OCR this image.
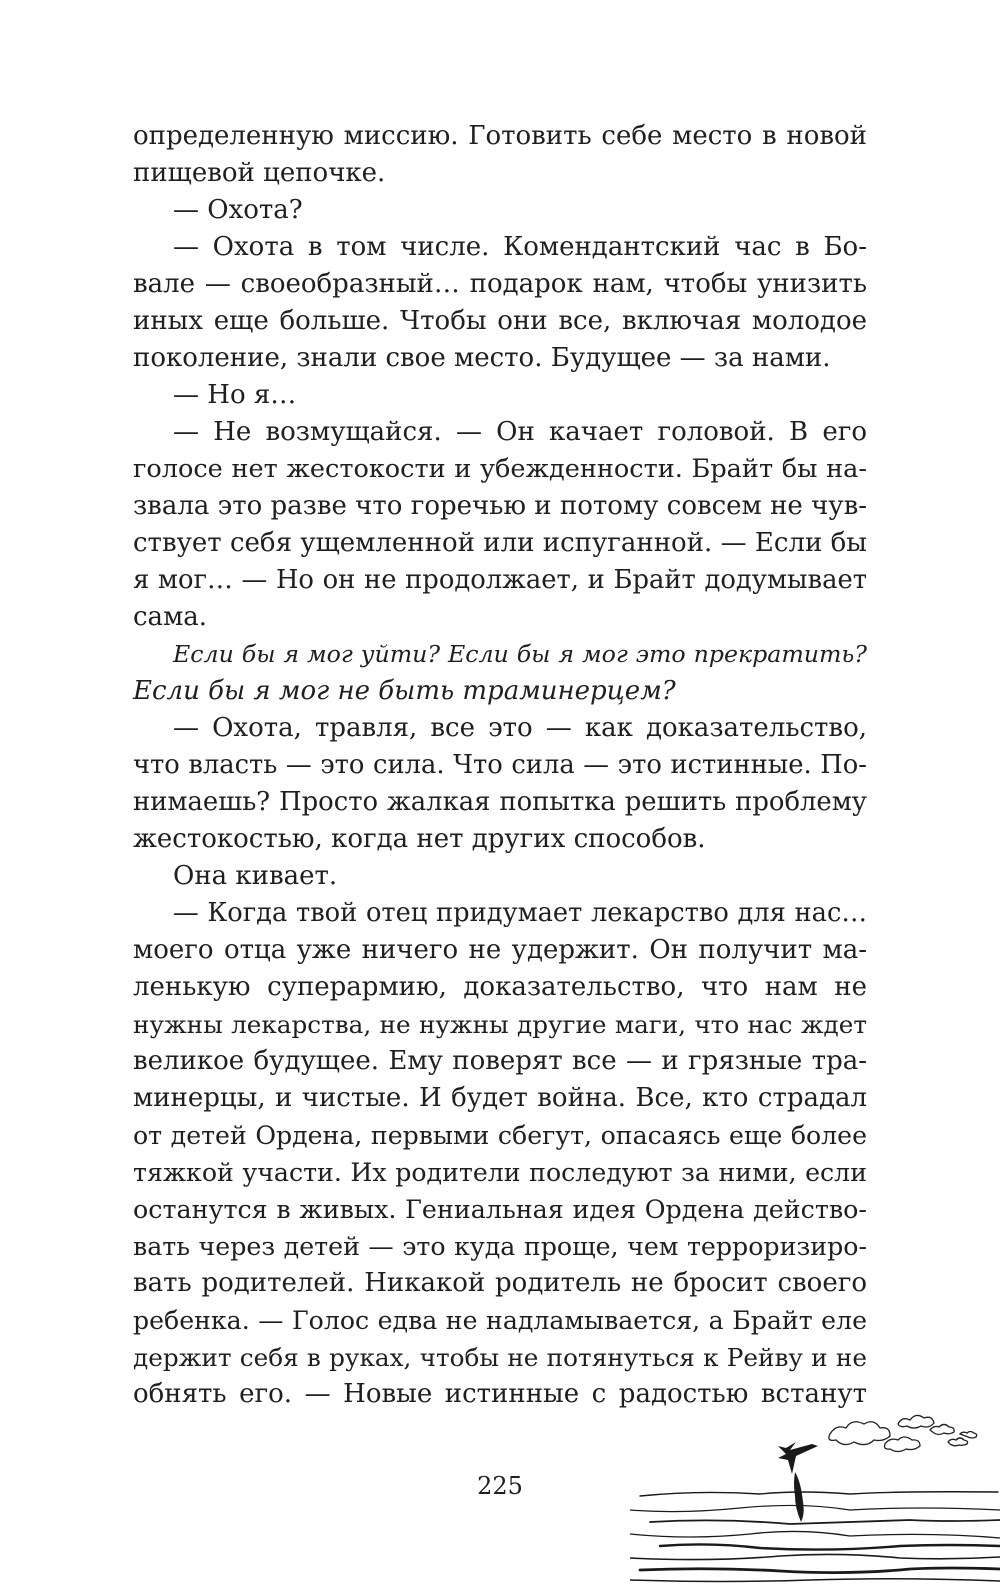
определенную миссию. Готовить себе место в новой
пищевой цепочке.
— Охота?
— Охота в том числе. Комендантский час в Бо-
вале — своеобразный… подарок нам, чтобы унизить
иных еще больше. Чтобы они все, включая молодое
поколение, знали свое место. Будущее — за нами.
— Но я…
— Не возмущайся. — Он качает головой. В его
голосе нет жестокости и убежденности. Брайт бы на-
звала это разве что горечью и потому совсем не чув-
ствует себя ущемленной или испуганной. — Если бы
я мог… — Но он не продолжает, и Брайт додумывает
сама.
Если бы я мог уйти? Если бы я мог это прекратить?
Если бы я мог не быть траминерцем?
— Охота, травля, все это — как доказательство,
что власть — это сила. Что сила — это истинные. По-
нимаешь? Просто жалкая попытка решить проблему
жестокостью, когда нет других способов.
Она кивает.
— Когда твой отец придумает лекарство для нас…
моего отца уже ничего не удержит. Он получит ма-
ленькую суперармию, доказательство, что нам не
нужны лекарства, не нужны другие маги, что нас ждет
великое будущее. Ему поверят все — и грязные тра-
минерцы, и чистые. И будет война. Все, кто страдал
от детей Ордена, первыми сбегут, опасаясь еще более
тяжкой участи. Их родители последуют за ними, если
останутся в живых. Гениальная идея Ордена действо-
вать через детей — это куда проще, чем терроризиро-
вать родителей. Никакой родитель не бросит своего
ребенка. — Голос едва не надламывается, а Брайт еле
держит себя в руках, чтобы не потянуться к Рейву и не
обнять его. — Новые истинные с радостью встанут
225
